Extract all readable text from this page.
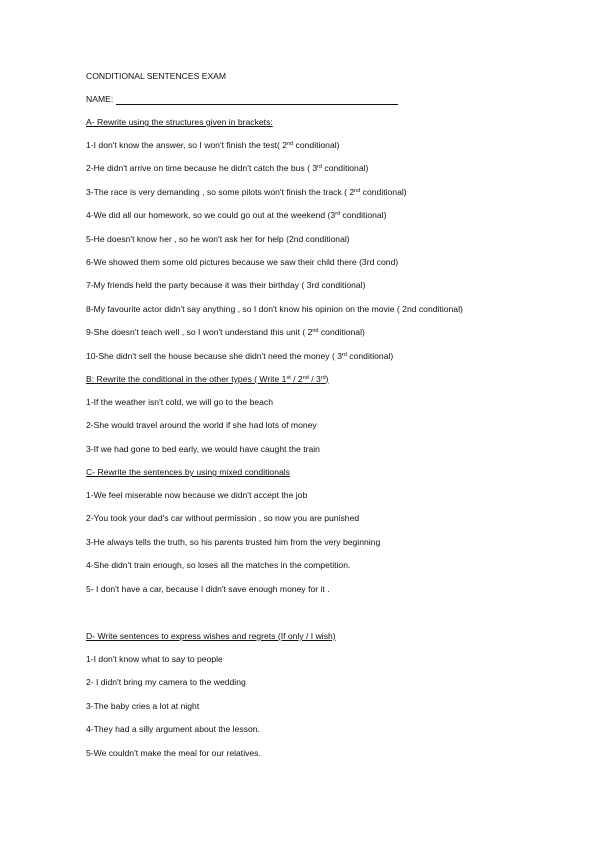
CONDITIONAL SENTENCES EXAM
NAME:
A- Rewrite using the structures given in brackets:
1-I don't know the answer, so I won't finish the test( 2nd conditional)
2-He didn't arrive on time because he didn't catch the bus ( 3rd conditional)
3-The race is very demanding , so some pilots won't finish the track ( 2nd conditional)
4-We did all our homework, so we could go out at the weekend (3rd conditional)
5-He doesn't know her , so he won't ask her for help (2nd conditional)
6-We showed them some old pictures because we saw their child there (3rd cond)
7-My friends held the party because it was their birthday ( 3rd conditional)
8-My favourite actor didn't say anything , so I don't know his opinion on the movie ( 2nd conditional)
9-She doesn't teach well , so I won't understand this unit ( 2nd conditional)
10-She didn't sell the house because she didn't need the money ( 3rd conditional)
B: Rewrite the conditional in the other types ( Write 1st / 2nd / 3rd)
1-If the weather isn't cold, we will go to the beach
2-She would travel around the world if she had lots of money
3-If we had gone to bed early, we would have caught the train
C- Rewrite the sentences by using mixed conditionals
1-We feel miserable now because we didn't accept the job
2-You took your dad's car without permission , so now you are punished
3-He always tells the truth, so his parents trusted him from the very beginning
4-She didn't train enough, so loses all the matches in the competition.
5- I don't have a car, because I didn't save enough money for it .
D- Write sentences to express wishes and regrets (If only / I wish)
1-I don't know what to say to people
2- I didn't bring my camera to the wedding
3-The baby cries a lot at night
4-They had a silly argument about the lesson.
5-We couldn't make the meal for our relatives.
